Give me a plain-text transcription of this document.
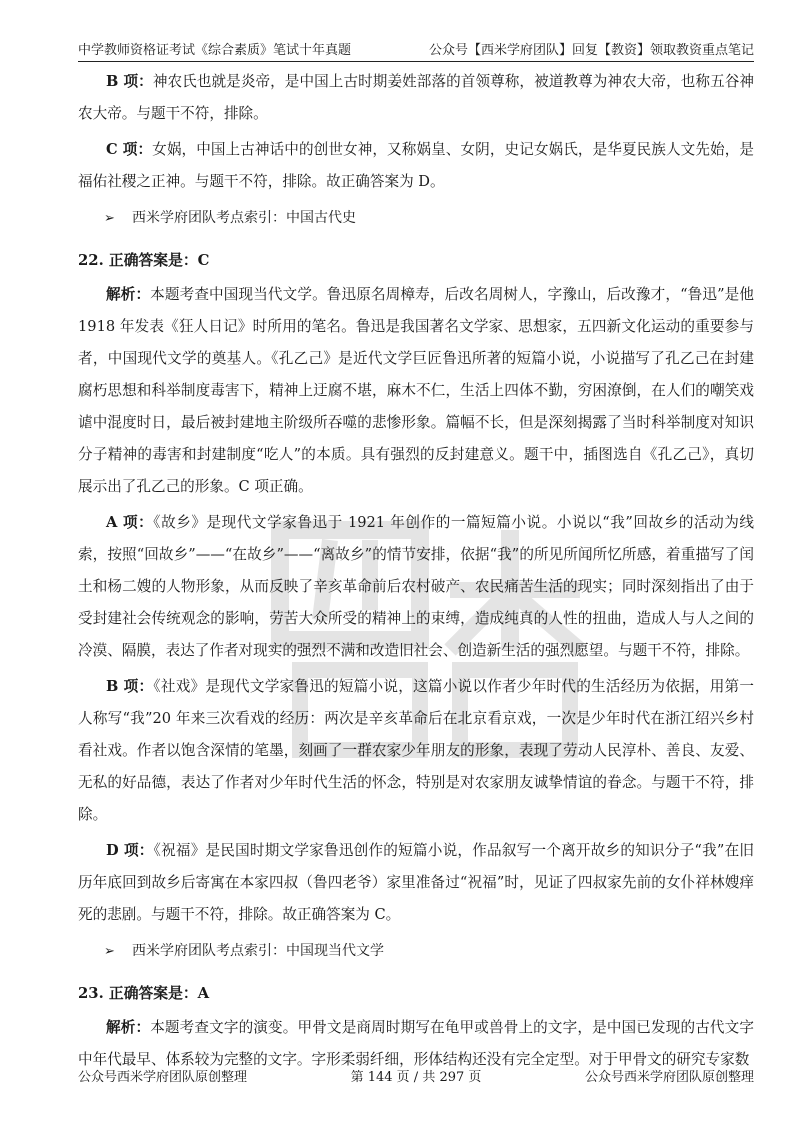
中学教师资格证考试《综合素质》笔试十年真题	公众号【西米学府团队】回复【教资】领取教资重点笔记

B 项：神农氏也就是炎帝，是中国上古时期姜姓部落的首领尊称，被道教尊为神农大帝，也称五谷神农大帝。与题干不符，排除。

C 项：女娲，中国上古神话中的创世女神，又称娲皇、女阴，史记女娲氏，是华夏民族人文先始，是福佑社稷之正神。与题干不符，排除。故正确答案为 D。

➢ 西米学府团队考点索引：中国古代史
22. 正确答案是：C

解析：本题考查中国现当代文学。鲁迅原名周樟寿，后改名周树人，字豫山，后改豫才，“鲁迅”是他 1918 年发表《狂人日记》时所用的笔名。鲁迅是我国著名文学家、思想家，五四新文化运动的重要参与者，中国现代文学的奠基人。《孔乙己》是近代文学巨匠鲁迅所著的短篇小说，小说描写了孔乙己在封建腐朽思想和科举制度毒害下，精神上迂腐不堪，麻木不仁，生活上四体不勤，穷困潦倒，在人们的嘲笑戏谑中混度时日，最后被封建地主阶级所吞噬的悲惨形象。篇幅不长，但是深刻揭露了当时科举制度对知识分子精神的毒害和封建制度“吃人”的本质。具有强烈的反封建意义。题干中，插图选自《孔乙己》，真切展示出了孔乙己的形象。C 项正确。

A 项：《故乡》是现代文学家鲁迅于 1921 年创作的一篇短篇小说。小说以“我”回故乡的活动为线索，按照“回故乡”——“在故乡”——“离故乡”的情节安排，依据“我”的所见所闻所忆所感，着重描写了闰土和杨二嫂的人物形象，从而反映了辛亥革命前后农村破产、农民痛苦生活的现实；同时深刻指出了由于受封建社会传统观念的影响，劳苦大众所受的精神上的束缚，造成纯真的人性的扭曲，造成人与人之间的冷漠、隔膜，表达了作者对现实的强烈不满和改造旧社会、创造新生活的强烈愿望。与题干不符，排除。

B 项：《社戏》是现代文学家鲁迅的短篇小说，这篇小说以作者少年时代的生活经历为依据，用第一人称写“我”20 年来三次看戏的经历：两次是辛亥革命后在北京看京戏，一次是少年时代在浙江绍兴乡村看社戏。作者以饱含深情的笔墨，刻画了一群农家少年朋友的形象，表现了劳动人民淳朴、善良、友爱、无私的好品德，表达了作者对少年时代生活的怀念，特别是对农家朋友诚挚情谊的眷念。与题干不符，排除。

D 项：《祝福》是民国时期文学家鲁迅创作的短篇小说，作品叙写一个离开故乡的知识分子“我”在旧历年底回到故乡后寄寓在本家四叔（鲁四老爷）家里准备过“祝福”时，见证了四叔家先前的女仆祥林嫂痒死的悲剧。与题干不符，排除。故正确答案为 C。

➢ 西米学府团队考点索引：中国现当代文学
23. 正确答案是：A

解析：本题考查文字的演变。甲骨文是商周时期写在龟甲或兽骨上的文字，是中国已发现的古代文字中年代最早、体系较为完整的文字。字形柔弱纤细，形体结构还没有完全定型。对于甲骨文的研究专家数

公众号西米学府团队原创整理	第 144 页 / 共 297 页	公众号西米学府团队原创整理
